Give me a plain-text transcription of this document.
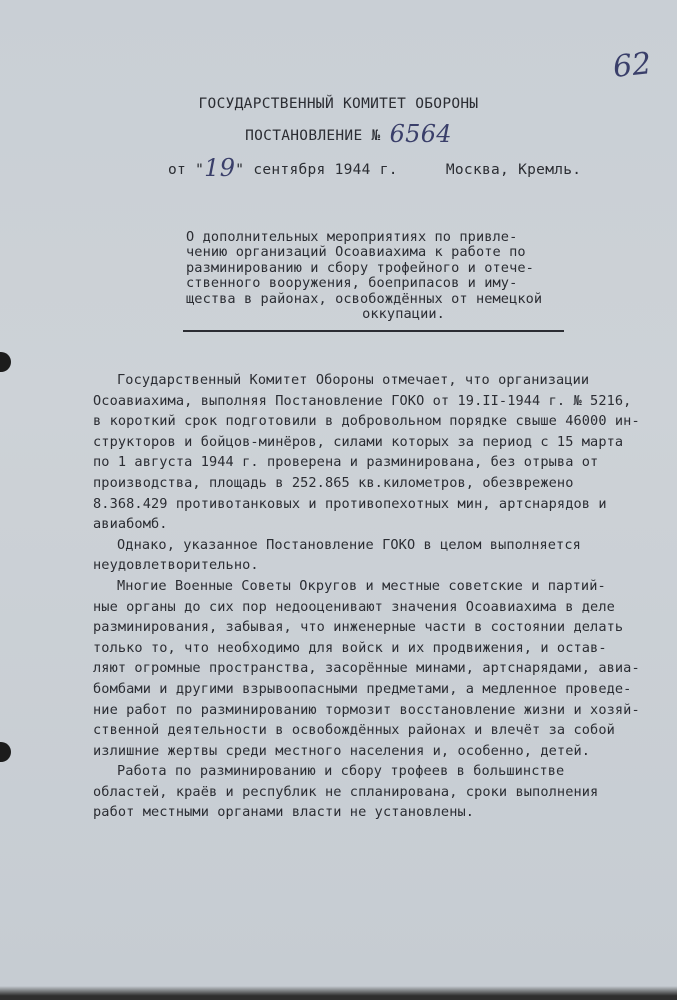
62
ГОСУДАРСТВЕННЫЙ КОМИТЕТ ОБОРОНЫ
ПОСТАНОВЛЕНИЕ № 6564
от "19" сентября 1944 г.	Москва, Кремль.
О дополнительных мероприятиях по привле-
чению организаций Осоавиахима к работе по
разминированию и сбору трофейного и отече-
ственного вооружения, боеприпасов и иму-
щества в районах, освобождённых от немецкой
оккупации.
Государственный Комитет Обороны отмечает, что организации
Осоавиахима, выполняя Постановление ГОКО от 19.II-1944 г. № 5216,
в короткий срок подготовили в добровольном порядке свыше 46000 ин-
структоров и бойцов-минёров, силами которых за период с 15 марта
по 1 августа 1944 г. проверена и разминирована, без отрыва от
производства, площадь в 252.865 кв.километров, обезврежено
8.368.429 противотанковых и противопехотных мин, артснарядов и
авиабомб.
Однако, указанное Постановление ГОКО в целом выполняется
неудовлетворительно.
Многие Военные Советы Округов и местные советские и партий-
ные органы до сих пор недооценивают значения Осоавиахима в деле
разминирования, забывая, что инженерные части в состоянии делать
только то, что необходимо для войск и их продвижения, и остав-
ляют огромные пространства, засорённые минами, артснарядами, авиа-
бомбами и другими взрывоопасными предметами, а медленное проведе-
ние работ по разминированию тормозит восстановление жизни и хозяй-
ственной деятельности в освобождённых районах и влечёт за собой
излишние жертвы среди местного населения и, особенно, детей.
Работа по разминированию и сбору трофеев в большинстве
областей, краёв и республик не спланирована, сроки выполнения
работ местными органами власти не установлены.
